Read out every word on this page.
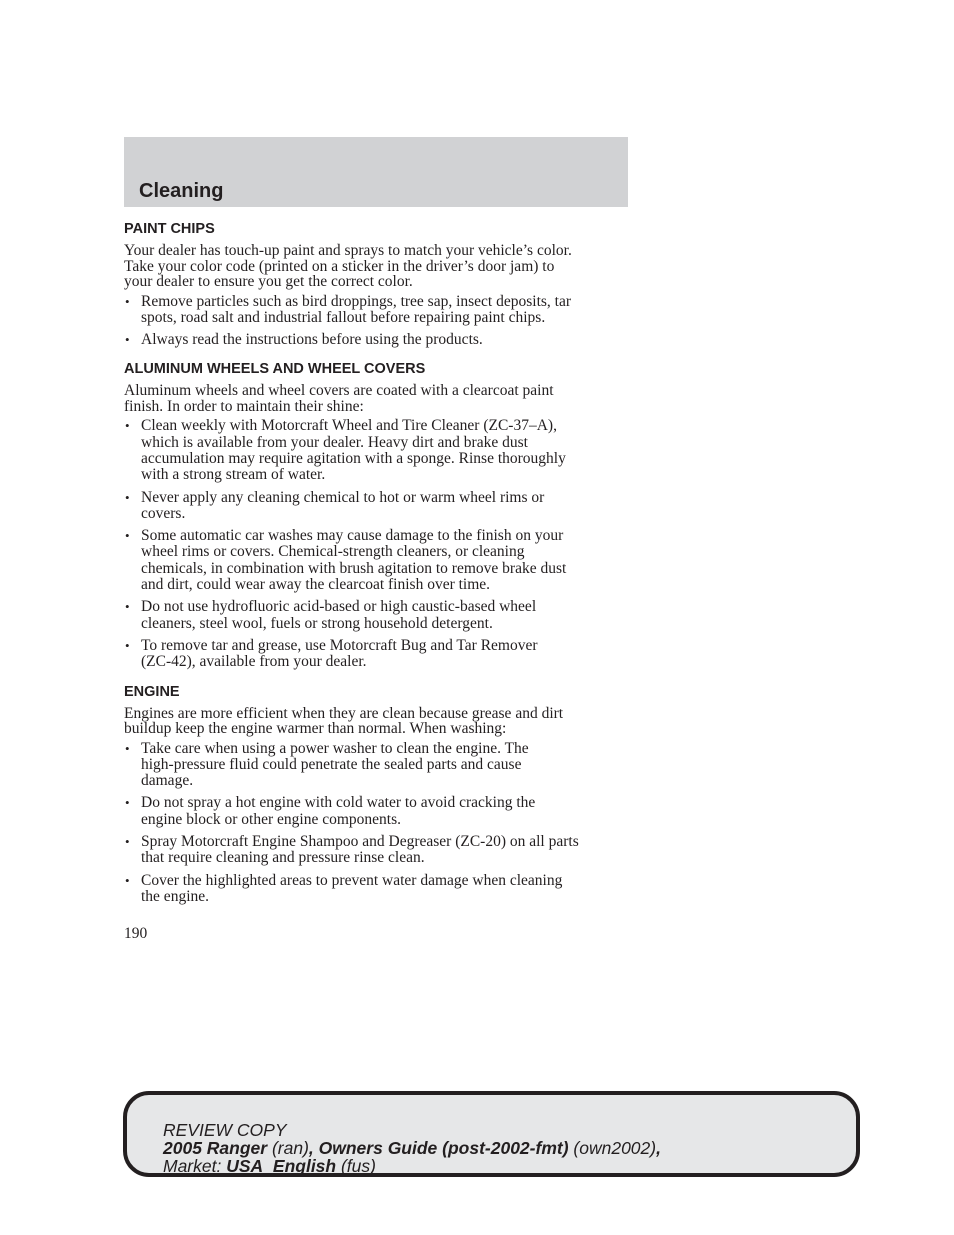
Cleaning
PAINT CHIPS
Your dealer has touch-up paint and sprays to match your vehicle’s color.
Take your color code (printed on a sticker in the driver’s door jam) to
your dealer to ensure you get the correct color.
• Remove particles such as bird droppings, tree sap, insect deposits, tar
spots, road salt and industrial fallout before repairing paint chips.
• Always read the instructions before using the products.
ALUMINUM WHEELS AND WHEEL COVERS
Aluminum wheels and wheel covers are coated with a clearcoat paint
finish. In order to maintain their shine:
• Clean weekly with Motorcraft Wheel and Tire Cleaner (ZC-37–A),
which is available from your dealer. Heavy dirt and brake dust
accumulation may require agitation with a sponge. Rinse thoroughly
with a strong stream of water.
• Never apply any cleaning chemical to hot or warm wheel rims or
covers.
• Some automatic car washes may cause damage to the finish on your
wheel rims or covers. Chemical-strength cleaners, or cleaning
chemicals, in combination with brush agitation to remove brake dust
and dirt, could wear away the clearcoat finish over time.
• Do not use hydrofluoric acid-based or high caustic-based wheel
cleaners, steel wool, fuels or strong household detergent.
• To remove tar and grease, use Motorcraft Bug and Tar Remover
(ZC-42), available from your dealer.
ENGINE
Engines are more efficient when they are clean because grease and dirt
buildup keep the engine warmer than normal. When washing:
• Take care when using a power washer to clean the engine. The
high-pressure fluid could penetrate the sealed parts and cause
damage.
• Do not spray a hot engine with cold water to avoid cracking the
engine block or other engine components.
• Spray Motorcraft Engine Shampoo and Degreaser (ZC-20) on all parts
that require cleaning and pressure rinse clean.
• Cover the highlighted areas to prevent water damage when cleaning
the engine.
190
REVIEW COPY
2005 Ranger (ran), Owners Guide (post-2002-fmt) (own2002),
Market: USA_English (fus)
